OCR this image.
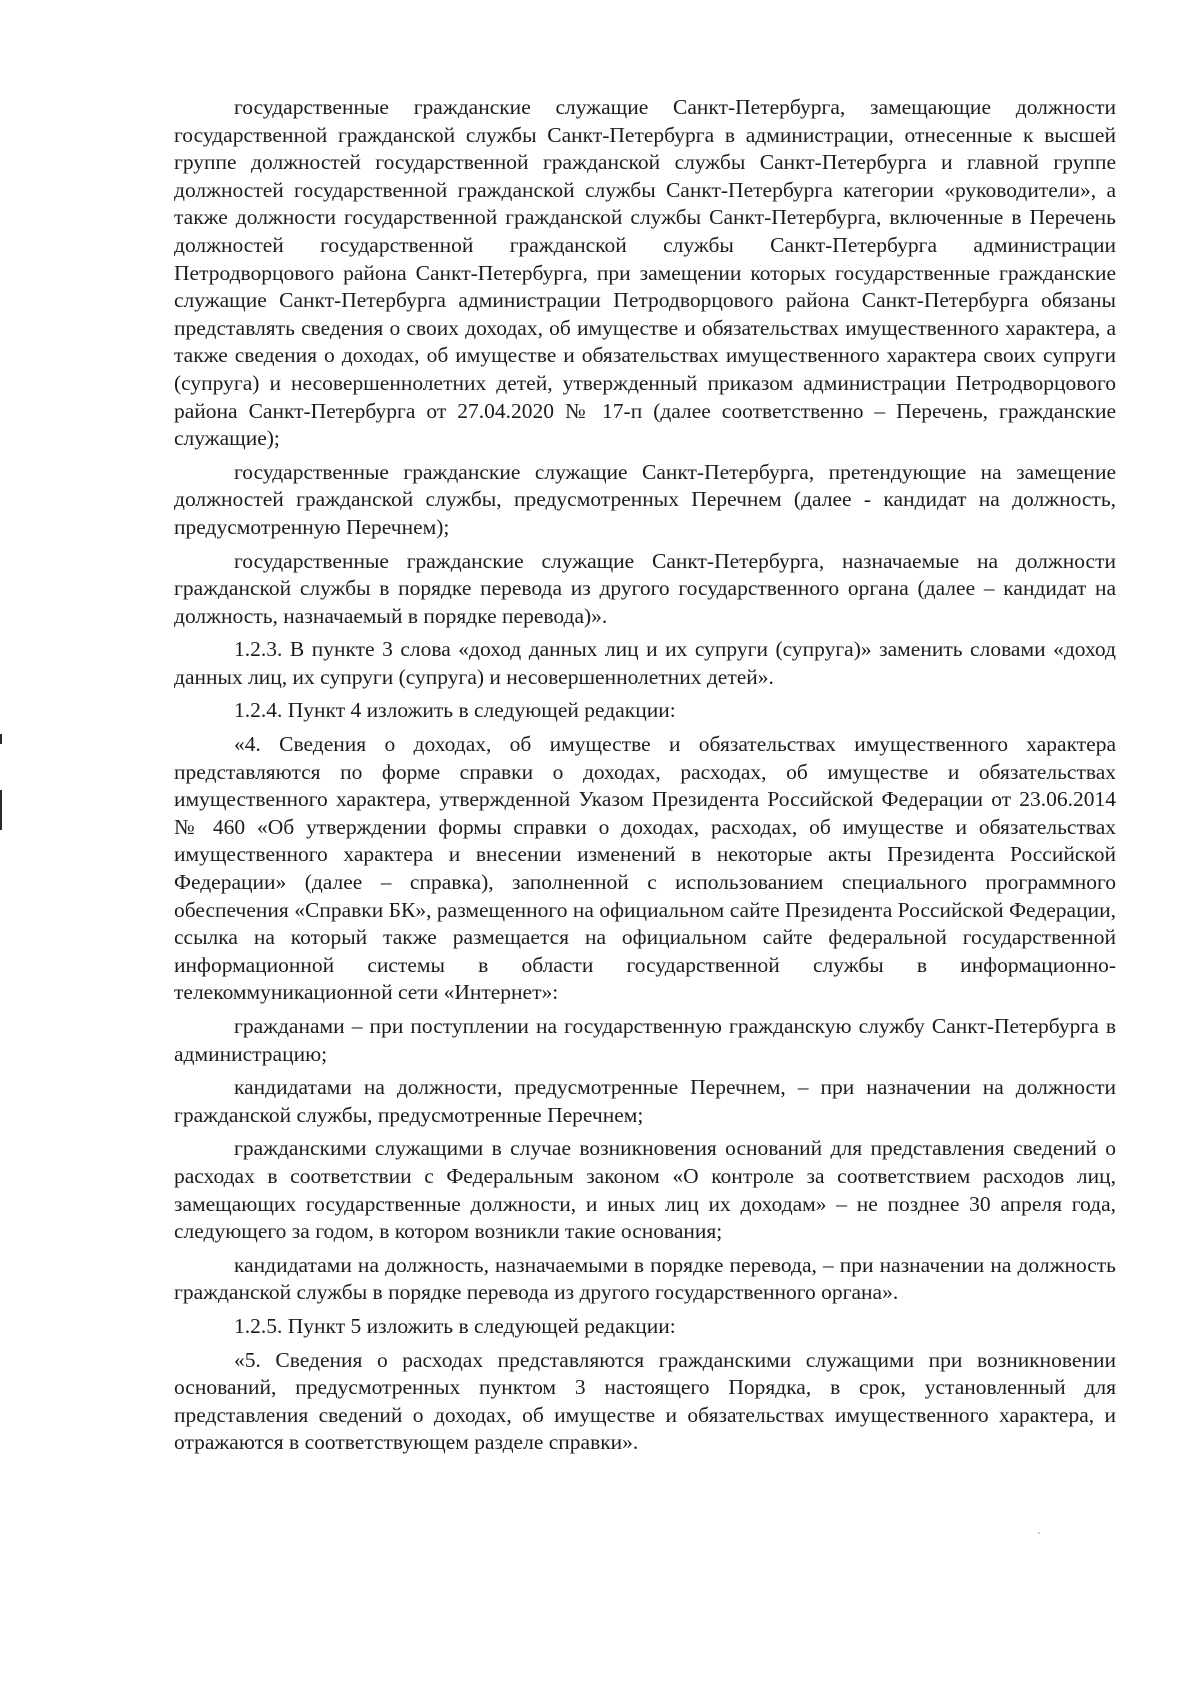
государственные гражданские служащие Санкт-Петербурга, замещающие должности государственной гражданской службы Санкт-Петербурга в администрации, отнесенные к высшей группе должностей государственной гражданской службы Санкт-Петербурга и главной группе должностей государственной гражданской службы Санкт-Петербурга категории «руководители», а также должности государственной гражданской службы Санкт-Петербурга, включенные в Перечень должностей государственной гражданской службы Санкт-Петербурга администрации Петродворцового района Санкт-Петербурга, при замещении которых государственные гражданские служащие Санкт-Петербурга администрации Петродворцового района Санкт-Петербурга обязаны представлять сведения о своих доходах, об имуществе и обязательствах имущественного характера, а также сведения о доходах, об имуществе и обязательствах имущественного характера своих супруги (супруга) и несовершеннолетних детей, утвержденный приказом администрации Петродворцового района Санкт-Петербурга от 27.04.2020 № 17-п (далее соответственно – Перечень, гражданские служащие);

государственные гражданские служащие Санкт-Петербурга, претендующие на замещение должностей гражданской службы, предусмотренных Перечнем (далее - кандидат на должность, предусмотренную Перечнем);

государственные гражданские служащие Санкт-Петербурга, назначаемые на должности гражданской службы в порядке перевода из другого государственного органа (далее – кандидат на должность, назначаемый в порядке перевода)».

1.2.3. В пункте 3 слова «доход данных лиц и их супруги (супруга)» заменить словами «доход данных лиц, их супруги (супруга) и несовершеннолетних детей».

1.2.4. Пункт 4 изложить в следующей редакции:

«4. Сведения о доходах, об имуществе и обязательствах имущественного характера представляются по форме справки о доходах, расходах, об имуществе и обязательствах имущественного характера, утвержденной Указом Президента Российской Федерации от 23.06.2014 № 460 «Об утверждении формы справки о доходах, расходах, об имуществе и обязательствах имущественного характера и внесении изменений в некоторые акты Президента Российской Федерации» (далее – справка), заполненной с использованием специального программного обеспечения «Справки БК», размещенного на официальном сайте Президента Российской Федерации, ссылка на который также размещается на официальном сайте федеральной государственной информационной системы в области государственной службы в информационно-телекоммуникационной сети «Интернет»:

гражданами – при поступлении на государственную гражданскую службу Санкт-Петербурга в администрацию;

кандидатами на должности, предусмотренные Перечнем, – при назначении на должности гражданской службы, предусмотренные Перечнем;

гражданскими служащими в случае возникновения оснований для представления сведений о расходах в соответствии с Федеральным законом «О контроле за соответствием расходов лиц, замещающих государственные должности, и иных лиц их доходам» – не позднее 30 апреля года, следующего за годом, в котором возникли такие основания;

кандидатами на должность, назначаемыми в порядке перевода, – при назначении на должность гражданской службы в порядке перевода из другого государственного органа».

1.2.5. Пункт 5 изложить в следующей редакции:

«5. Сведения о расходах представляются гражданскими служащими при возникновении оснований, предусмотренных пунктом 3 настоящего Порядка, в срок, установленный для представления сведений о доходах, об имуществе и обязательствах имущественного характера, и отражаются в соответствующем разделе справки».
